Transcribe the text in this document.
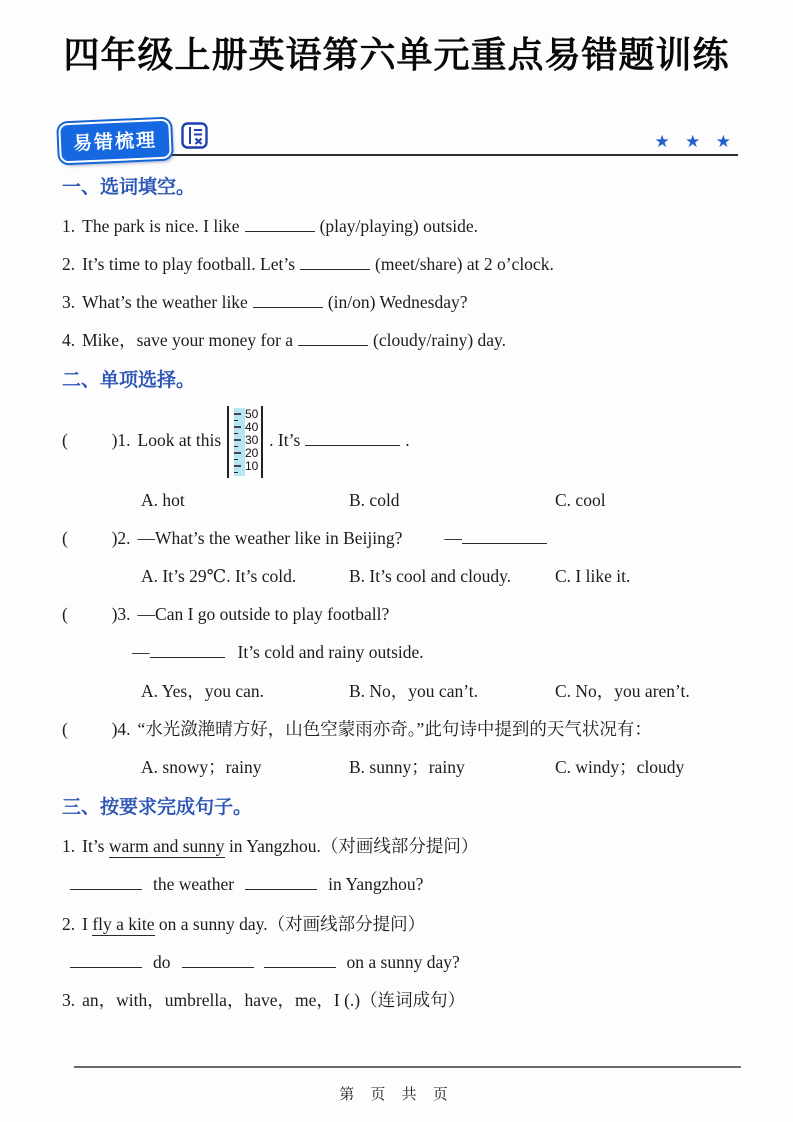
四年级上册英语第六单元重点易错题训练
易错梳理	★ ★ ★
一、选词填空。
1. The park is nice. I like	(play/playing) outside.
2. It’s time to play football. Let’s	(meet/share) at 2 o’clock.
3. What’s the weather like	(in/on) Wednesday?
4. Mike，save your money for a	(cloudy/rainy) day.
二、单项选择。
(　　  )1. Look at this
50
40
30
20
10
. It’s	.
A. hot	B. cold	C. cool
(　　  )2. —What’s the weather like in Beijing? —
A. It’s 29℃. It’s cold.	B. It’s cool and cloudy.	C. I like it.
(　　  )3. —Can I go outside to play football?
—	It’s cold and rainy outside.
A. Yes，you can.	B. No，you can’t.	C. No，you aren’t.
(　　  )4. “水光潋滟晴方好，山色空蒙雨亦奇。”此句诗中提到的天气状况有：
A. snowy；rainy	B. sunny；rainy	C. windy；cloudy
三、按要求完成句子。
1. It’s warm and sunny in Yangzhou.（对画线部分提问）
the weather	in Yangzhou?
2. I fly a kite on a sunny day.（对画线部分提问）
do	on a sunny day?
3. an，with，umbrella，have，me，I (.)（连词成句）
第 页 共 页
